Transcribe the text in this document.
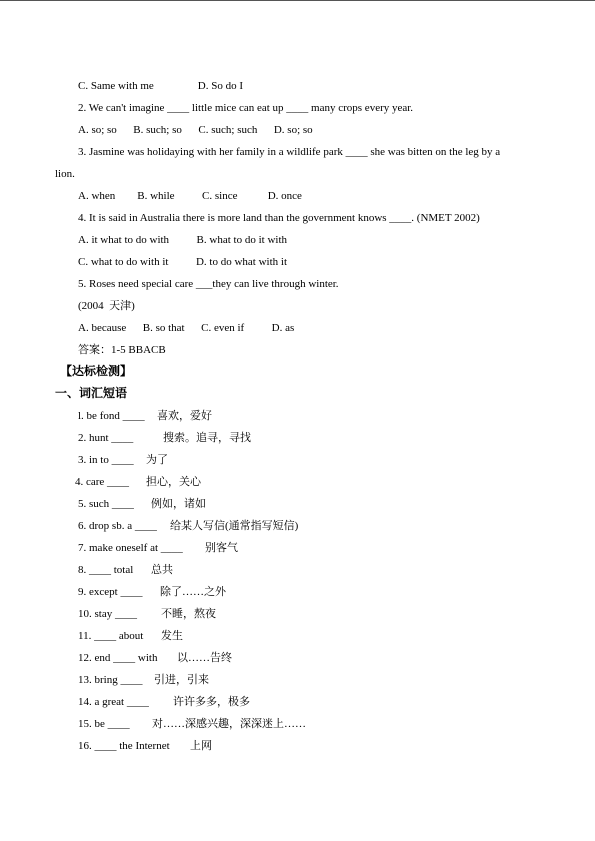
C. Same with me                D. So do I
2. We can't imagine ____ little mice can eat up ____ many crops every year.
A. so; so      B. such; so      C. such; such      D. so; so
3. Jasmine was holidaying with her family in a wildlife park ____ she was bitten on the leg by a
lion.
A. when        B. while          C. since           D. once
4. It is said in Australia there is more land than the government knows ____. (NMET 2002)
A. it what to do with          B. what to do it with
C. what to do with it          D. to do what with it
5. Roses need special care ___they can live through winter.
(2004  天津)
A. because      B. so that      C. even if          D. as
答案：1-5 BBACB
【达标检测】
一、词汇短语
l. be fond ____ 喜欢，爱好
2. hunt ____	搜索。追寻，寻找
3. in to ____ 为了
4. care ____ 担心，关心
5. such ____ 例如，诸如
6. drop sb. a ____ 给某人写信(通常指写短信)
7. make oneself at ____ 别客气
8. ____ total 总共
9. except ____ 除了……之外
10. stay ____ 不睡，熬夜
11. ____ about 发生
12. end ____ with 以……告终
13. bring ____ 引进，引来
14. a great ____ 许许多多，极多
15. be ____ 对……深感兴趣，深深迷上……
16. ____ the Internet 上网
